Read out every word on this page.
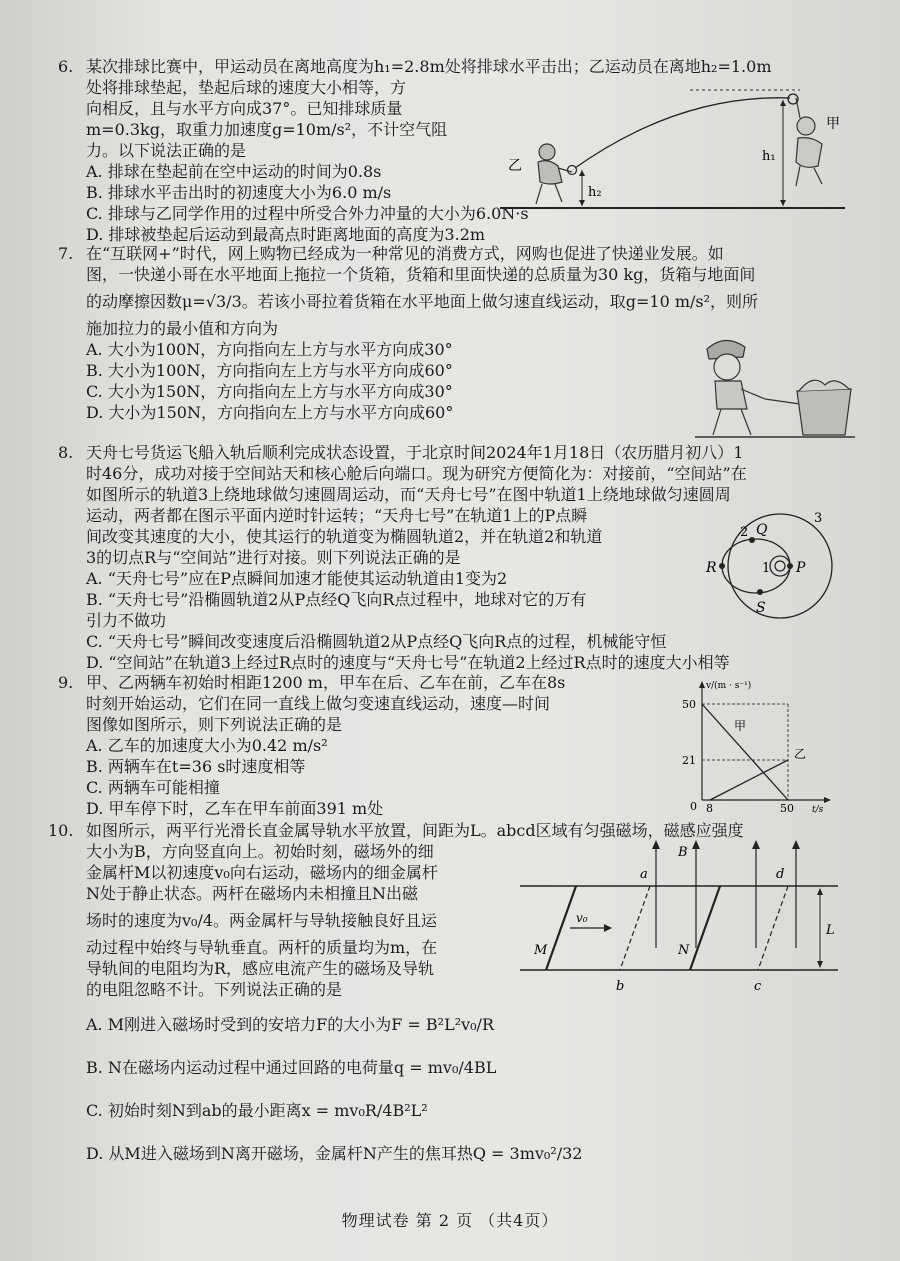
6. 某次排球比赛中，甲运动员在离地高度为h₁=2.8m处将排球水平击出；乙运动员在离地h₂=1.0m
处将排球垫起，垫起后球的速度大小相等，方
向相反，且与水平方向成37°。已知排球质量
m=0.3kg，取重力加速度g=10m/s²，不计空气阻
力。以下说法正确的是
A. 排球在垫起前在空中运动的时间为0.8s
B. 排球水平击出时的初速度大小为6.0 m/s
C. 排球与乙同学作用的过程中所受合外力冲量的大小为6.0N·s
D. 排球被垫起后运动到最高点时距离地面的高度为3.2m
h₂
h₁
乙
甲
7. 在“互联网+”时代，网上购物已经成为一种常见的消费方式，网购也促进了快递业发展。如
图，一快递小哥在水平地面上拖拉一个货箱，货箱和里面快递的总质量为30 kg，货箱与地面间
的动摩擦因数μ=√3/3。若该小哥拉着货箱在水平地面上做匀速直线运动，取g=10 m/s²，则所
施加拉力的最小值和方向为
A. 大小为100N，方向指向左上方与水平方向成30°
B. 大小为100N，方向指向左上方与水平方向成60°
C. 大小为150N，方向指向左上方与水平方向成30°
D. 大小为150N，方向指向左上方与水平方向成60°
8. 天舟七号货运飞船入轨后顺利完成状态设置，于北京时间2024年1月18日（农历腊月初八）1
时46分，成功对接于空间站天和核心舱后向端口。现为研究方便简化为：对接前，“空间站”在
如图所示的轨道3上绕地球做匀速圆周运动，而“天舟七号”在图中轨道1上绕地球做匀速圆周
运动，两者都在图示平面内逆时针运转；“天舟七号”在轨道1上的P点瞬
间改变其速度的大小，使其运行的轨道变为椭圆轨道2，并在轨道2和轨道
3的切点R与“空间站”进行对接。则下列说法正确的是
A. “天舟七号”应在P点瞬间加速才能使其运动轨道由1变为2
B. “天舟七号”沿椭圆轨道2从P点经Q飞向R点过程中，地球对它的万有
引力不做功
C. “天舟七号”瞬间改变速度后沿椭圆轨道2从P点经Q飞向R点的过程，机械能守恒
D. “空间站”在轨道3上经过R点时的速度与“天舟七号”在轨道2上经过R点时的速度大小相等
Q
2
3
R	1 P
S
9. 甲、乙两辆车初始时相距1200 m，甲车在后、乙车在前，乙车在8s
时刻开始运动，它们在同一直线上做匀变速直线运动，速度—时间
图像如图所示，则下列说法正确的是
A. 乙车的加速度大小为0.42 m/s²
B. 两辆车在t=36 s时速度相等
C. 两辆车可能相撞
D. 甲车停下时，乙车在甲车前面391 m处
v/(m · s⁻¹)
t/s
50
21
0 8	50
甲
乙
10. 如图所示，两平行光滑长直金属导轨水平放置，间距为L。abcd区域有匀强磁场，磁感应强度
大小为B，方向竖直向上。初始时刻，磁场外的细
金属杆M以初速度v₀向右运动，磁场内的细金属杆
N处于静止状态。两杆在磁场内未相撞且N出磁
场时的速度为v₀/4。两金属杆与导轨接触良好且运
动过程中始终与导轨垂直。两杆的质量均为m，在
导轨间的电阻均为R，感应电流产生的磁场及导轨
的电阻忽略不计。下列说法正确的是
A. M刚进入磁场时受到的安培力F的大小为F = B²L²v₀/R
B. N在磁场内运动过程中通过回路的电荷量q = mv₀/4BL
C. 初始时刻N到ab的最小距离x = mv₀R/4B²L²
D. 从M进入磁场到N离开磁场，金属杆N产生的焦耳热Q = 3mv₀²/32
v₀
L
a
B
d
b	c
M	N
物理试卷 第 2 页 （共4页）
